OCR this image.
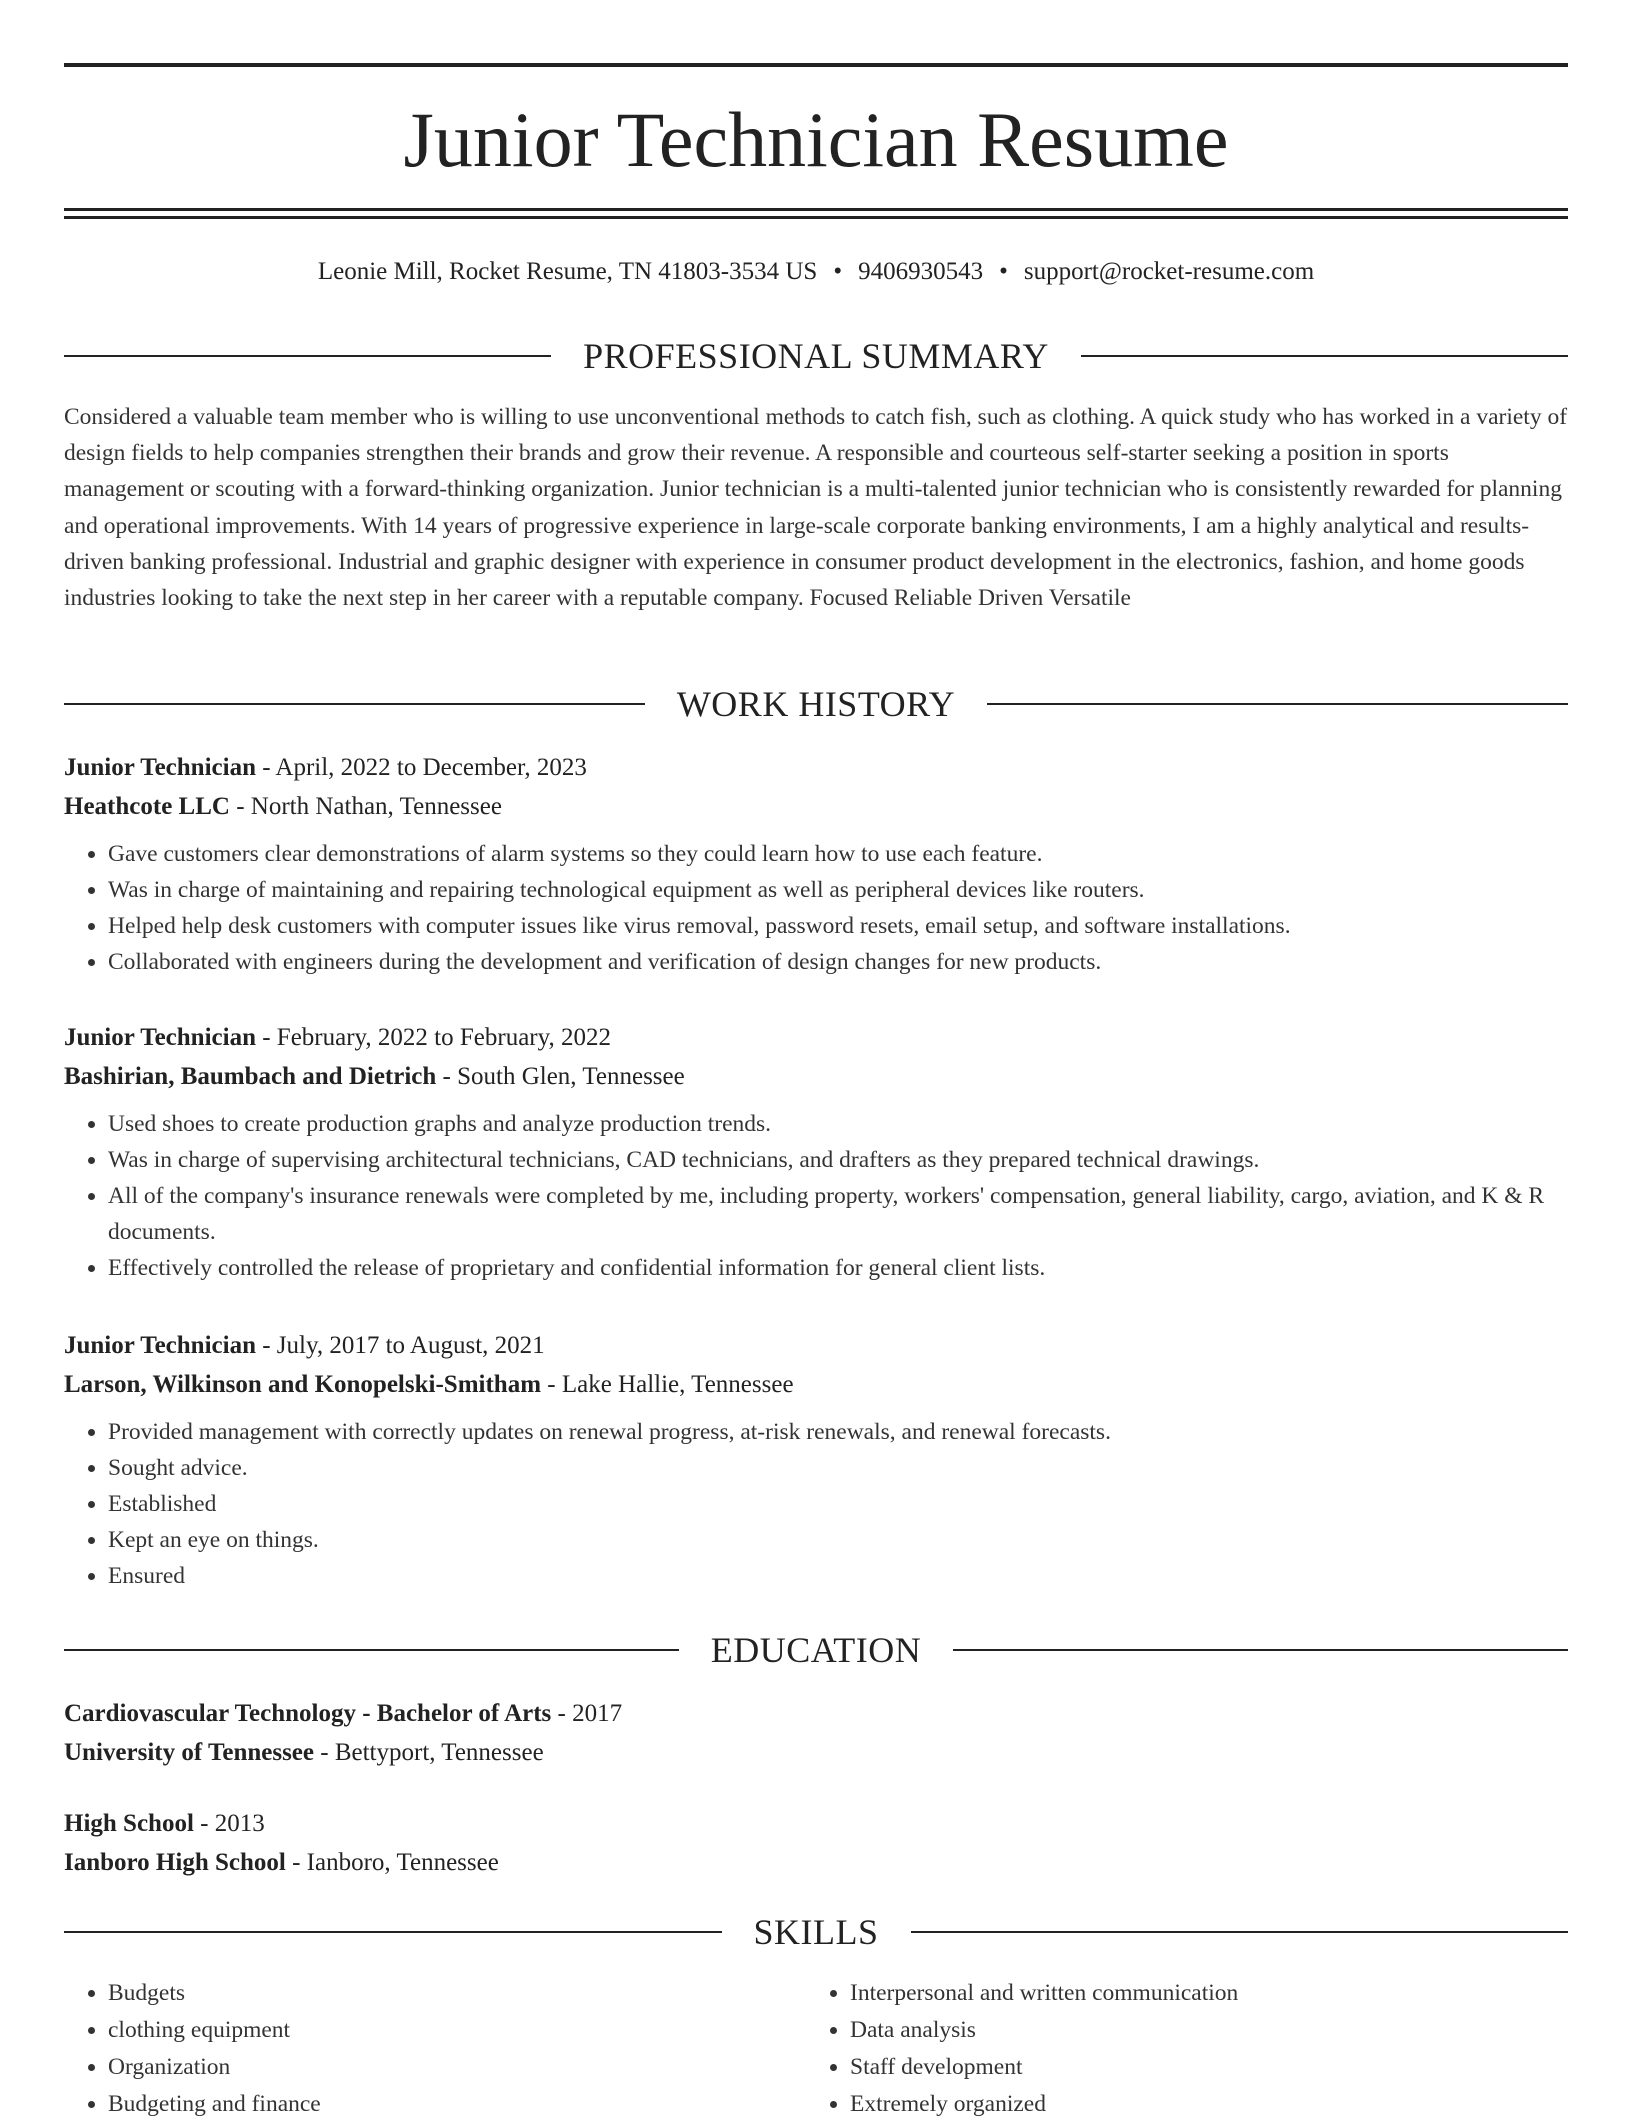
Junior Technician Resume
Leonie Mill, Rocket Resume, TN 41803-3534 US • 9406930543 • support@rocket-resume.com
PROFESSIONAL SUMMARY

Considered a valuable team member who is willing to use unconventional methods to catch fish, such as clothing. A quick study who has worked in a variety of design fields to help companies strengthen their brands and grow their revenue. A responsible and courteous self-starter seeking a position in sports management or scouting with a forward-thinking organization. Junior technician is a multi-talented junior technician who is consistently rewarded for planning and operational improvements. With 14 years of progressive experience in large-scale corporate banking environments, I am a highly analytical and results-driven banking professional. Industrial and graphic designer with experience in consumer product development in the electronics, fashion, and home goods industries looking to take the next step in her career with a reputable company. Focused Reliable Driven Versatile

WORK HISTORY
Junior Technician - April, 2022 to December, 2023
Heathcote LLC - North Nathan, Tennessee
• Gave customers clear demonstrations of alarm systems so they could learn how to use each feature.
• Was in charge of maintaining and repairing technological equipment as well as peripheral devices like routers.
• Helped help desk customers with computer issues like virus removal, password resets, email setup, and software installations.
• Collaborated with engineers during the development and verification of design changes for new products.
Junior Technician - February, 2022 to February, 2022
Bashirian, Baumbach and Dietrich - South Glen, Tennessee
• Used shoes to create production graphs and analyze production trends.
• Was in charge of supervising architectural technicians, CAD technicians, and drafters as they prepared technical drawings.
• All of the company's insurance renewals were completed by me, including property, workers' compensation, general liability, cargo, aviation, and K & R documents.
• Effectively controlled the release of proprietary and confidential information for general client lists.
Junior Technician - July, 2017 to August, 2021
Larson, Wilkinson and Konopelski-Smitham - Lake Hallie, Tennessee
• Provided management with correctly updates on renewal progress, at-risk renewals, and renewal forecasts.
• Sought advice.
• Established
• Kept an eye on things.
• Ensured
EDUCATION
Cardiovascular Technology - Bachelor of Arts - 2017
University of Tennessee - Bettyport, Tennessee
High School - 2013
Ianboro High School - Ianboro, Tennessee
SKILLS
• Budgets
• clothing equipment
• Organization
• Budgeting and finance
• Interpersonal and written communication
• Data analysis
• Staff development
• Extremely organized
